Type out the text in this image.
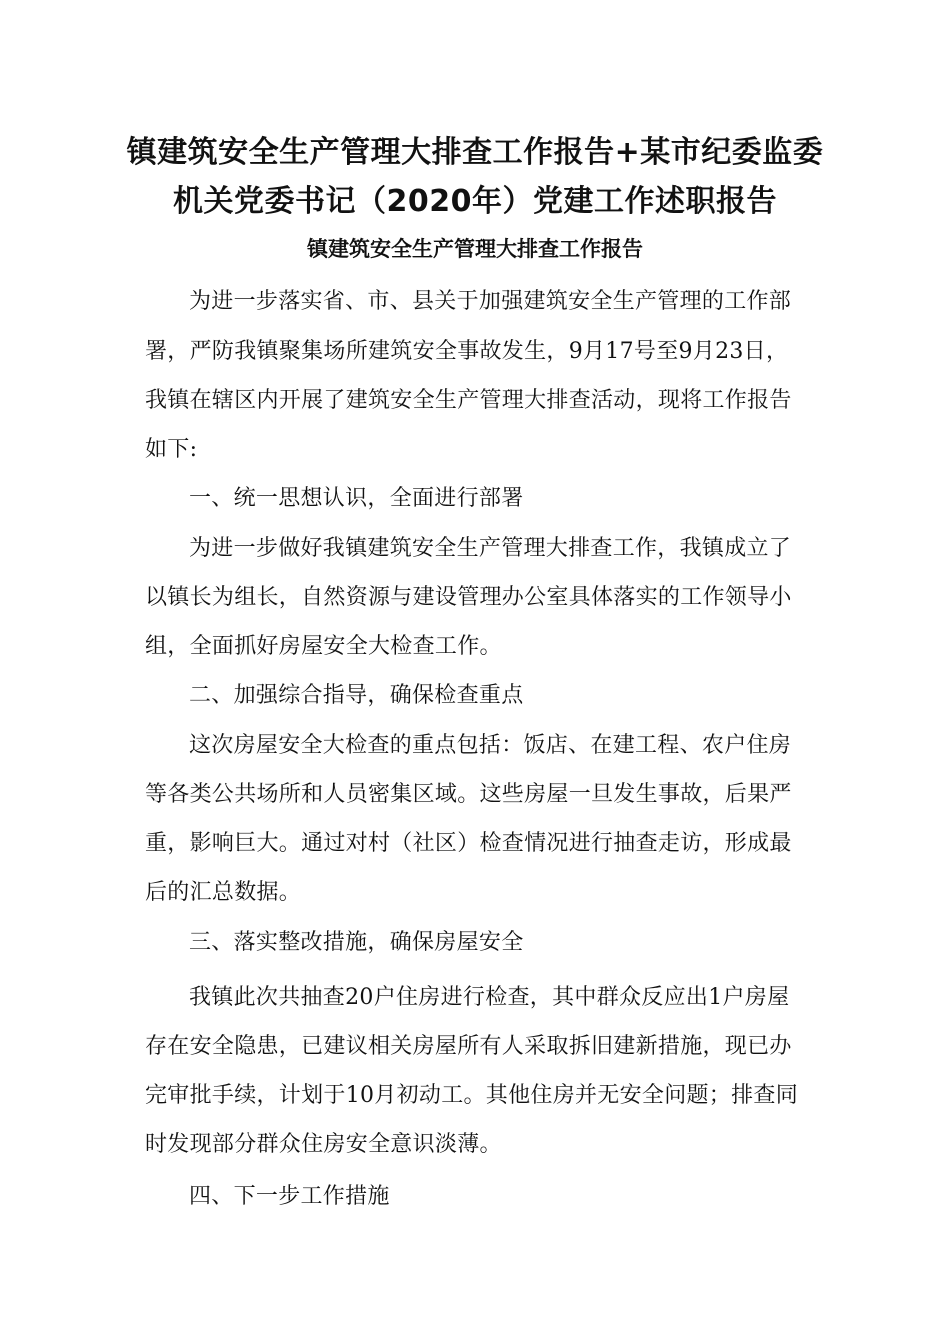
镇建筑安全生产管理大排查工作报告+某市纪委监委
机关党委书记（2020年）党建工作述职报告
镇建筑安全生产管理大排查工作报告
为进一步落实省、市、县关于加强建筑安全生产管理的工作部
署，严防我镇聚集场所建筑安全事故发生，9月17号至9月23日，
我镇在辖区内开展了建筑安全生产管理大排查活动，现将工作报告
如下:
一、统一思想认识，全面进行部署
为进一步做好我镇建筑安全生产管理大排查工作，我镇成立了
以镇长为组长，自然资源与建设管理办公室具体落实的工作领导小
组，全面抓好房屋安全大检查工作。
二、加强综合指导，确保检查重点
这次房屋安全大检查的重点包括：饭店、在建工程、农户住房
等各类公共场所和人员密集区域。这些房屋一旦发生事故，后果严
重，影响巨大。通过对村（社区）检查情况进行抽查走访，形成最
后的汇总数据。
三、落实整改措施，确保房屋安全
我镇此次共抽查20户住房进行检查，其中群众反应出1户房屋
存在安全隐患，已建议相关房屋所有人采取拆旧建新措施，现已办
完审批手续，计划于10月初动工。其他住房并无安全问题；排查同
时发现部分群众住房安全意识淡薄。
四、下一步工作措施
